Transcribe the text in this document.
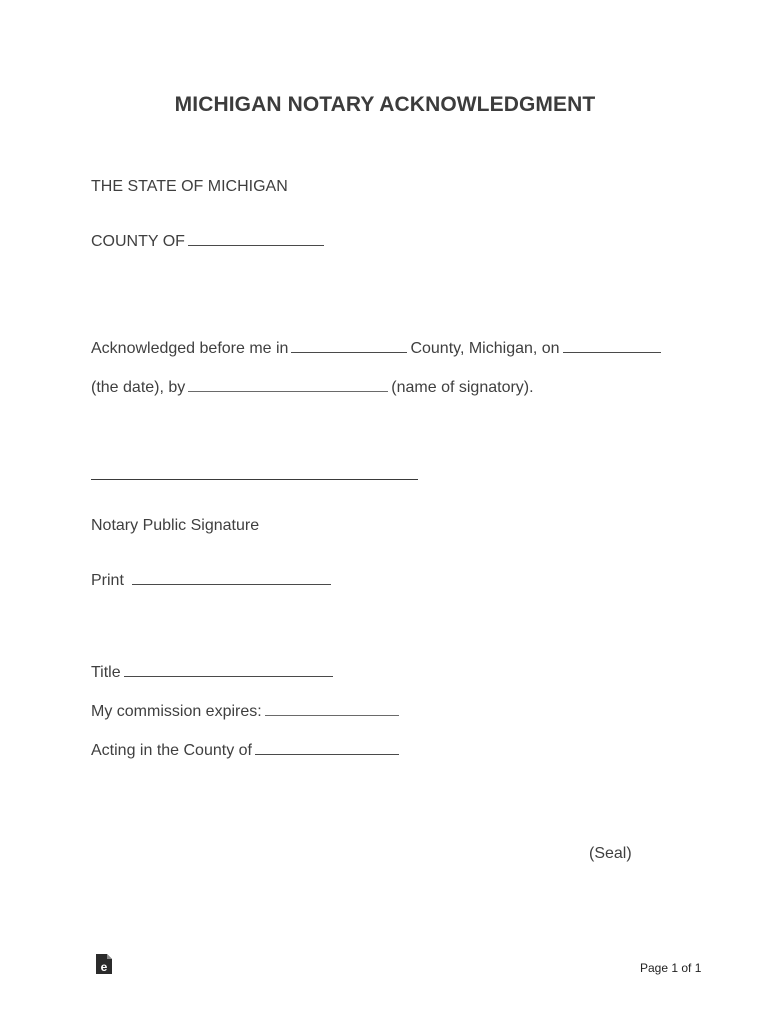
MICHIGAN NOTARY ACKNOWLEDGMENT
THE STATE OF MICHIGAN
COUNTY OF
Acknowledged before me in	County, Michigan, on
(the date), by	(name of signatory).
Notary Public Signature
Print
Title
My commission expires:
Acting in the County of
(Seal)
e	Page 1 of 1
